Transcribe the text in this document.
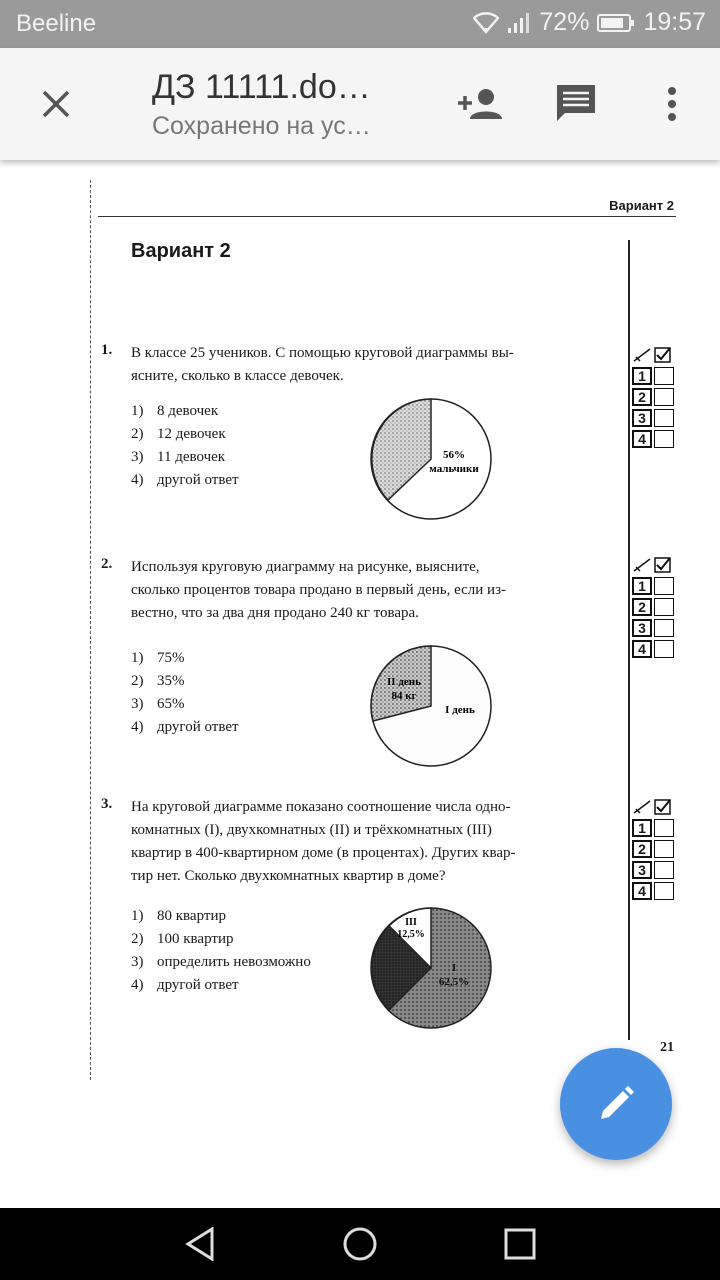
Beeline	72% 19:57
ДЗ 11111.do…
Сохранено на ус…
Вариант 2
Вариант 2
1. В классе 25 учеников. С помощью круговой диаграммы вы-
ясните, сколько в классе девочек.
1) 8 девочек
2) 12 девочек
3) 11 девочек
4) другой ответ
56%
мальчики
2. Используя круговую диаграмму на рисунке, выясните,
сколько процентов товара продано в первый день, если из-
вестно, что за два дня продано 240 кг товара.
1) 75%
2) 35%
3) 65%
4) другой ответ
II день
84 кг
I день
3. На круговой диаграмме показано соотношение числа одно-
комнатных (I), двухкомнатных (II) и трёхкомнатных (III)
квартир в 400-квартирном доме (в процентах). Других квар-
тир нет. Сколько двухкомнатных квартир в доме?
1) 80 квартир
2) 100 квартир
3) определить невозможно
4) другой ответ
III
12,5%
I
62,5%
1
2
3
4
1
2
3
4
1
2
3
4
21
